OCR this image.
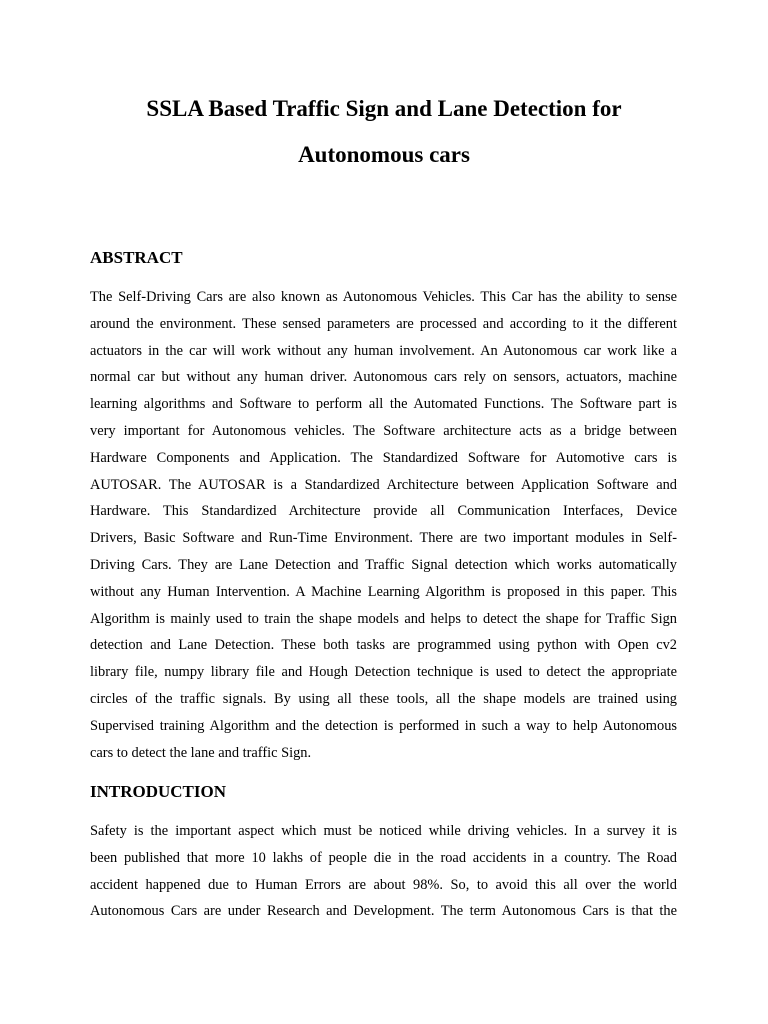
SSLA Based Traffic Sign and Lane Detection for
Autonomous cars
ABSTRACT
The Self-Driving Cars are also known as Autonomous Vehicles. This Car has the ability to sense
around the environment. These sensed parameters are processed and according to it the different
actuators in the car will work without any human involvement. An Autonomous car work like a
normal car but without any human driver. Autonomous cars rely on sensors, actuators, machine
learning algorithms and Software to perform all the Automated Functions. The Software part is
very important for Autonomous vehicles. The Software architecture acts as a bridge between
Hardware Components and Application. The Standardized Software for Automotive cars is
AUTOSAR. The AUTOSAR is a Standardized Architecture between Application Software and
Hardware. This Standardized Architecture provide all Communication Interfaces, Device
Drivers, Basic Software and Run-Time Environment. There are two important modules in Self-
Driving Cars. They are Lane Detection and Traffic Signal detection which works automatically
without any Human Intervention. A Machine Learning Algorithm is proposed in this paper. This
Algorithm is mainly used to train the shape models and helps to detect the shape for Traffic Sign
detection and Lane Detection. These both tasks are programmed using python with Open cv2
library file, numpy library file and Hough Detection technique is used to detect the appropriate
circles of the traffic signals. By using all these tools, all the shape models are trained using
Supervised training Algorithm and the detection is performed in such a way to help Autonomous
cars to detect the lane and traffic Sign.
INTRODUCTION
Safety is the important aspect which must be noticed while driving vehicles. In a survey it is
been published that more 10 lakhs of people die in the road accidents in a country. The Road
accident happened due to Human Errors are about 98%. So, to avoid this all over the world
Autonomous Cars are under Research and Development. The term Autonomous Cars is that the
